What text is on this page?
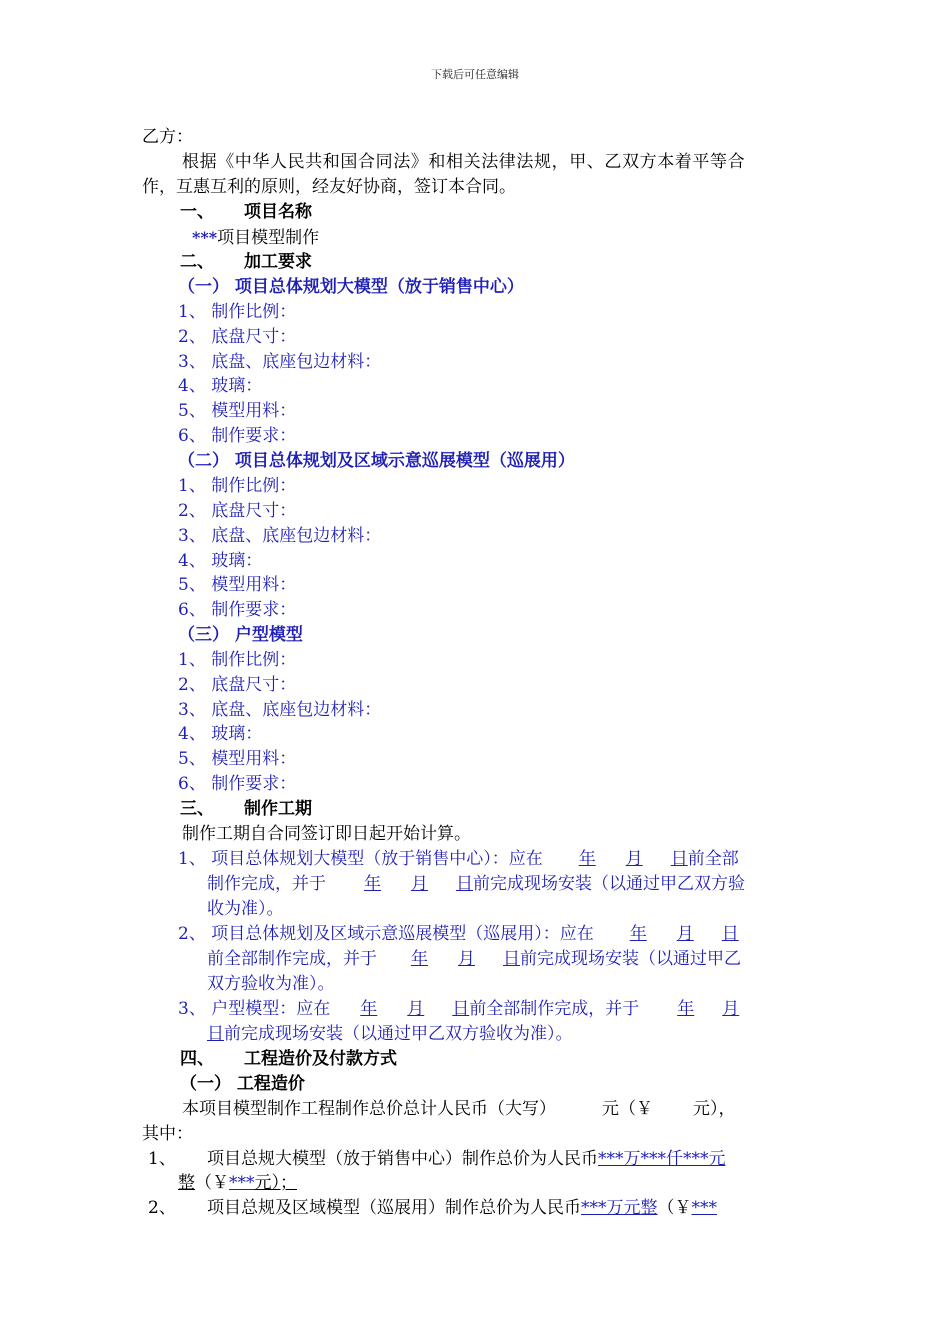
下载后可任意编辑
乙方：
根据《中华人民共和国合同法》和相关法律法规，甲、乙双方本着平等合
作，互惠互利的原则，经友好协商，签订本合同。
一、 项目名称
***项目模型制作
二、 加工要求
（一） 项目总体规划大模型（放于销售中心）
1、 制作比例：
2、 底盘尺寸：
3、 底盘、底座包边材料：
4、 玻璃：
5、 模型用料：
6、 制作要求：
（二） 项目总体规划及区域示意巡展模型（巡展用）
1、 制作比例：
2、 底盘尺寸：
3、 底盘、底座包边材料：
4、 玻璃：
5、 模型用料：
6、 制作要求：
（三） 户型模型
1、 制作比例：
2、 底盘尺寸：
3、 底盘、底座包边材料：
4、 玻璃：
5、 模型用料：
6、 制作要求：
三、 制作工期
制作工期自合同签订即日起开始计算。
1、 项目总体规划大模型（放于销售中心）：应在 年 月 日前全部
制作完成，并于 年 月 日前完成现场安装（以通过甲乙双方验
收为准）。
2、 项目总体规划及区域示意巡展模型（巡展用）：应在 年 月 日
前全部制作完成，并于 年 月 日前完成现场安装（以通过甲乙
双方验收为准）。
3、 户型模型：应在 年 月 日前全部制作完成，并于 年 月
日前完成现场安装（以通过甲乙双方验收为准）。
四、 工程造价及付款方式
（一） 工程造价
本项目模型制作工程制作总价总计人民币（大写）	元（￥ 元），
其中：
1、 项目总规大模型（放于销售中心）制作总价为人民币***万***仟***元
整（￥***元）；
2、 项目总规及区域模型（巡展用）制作总价为人民币***万元整（￥***
